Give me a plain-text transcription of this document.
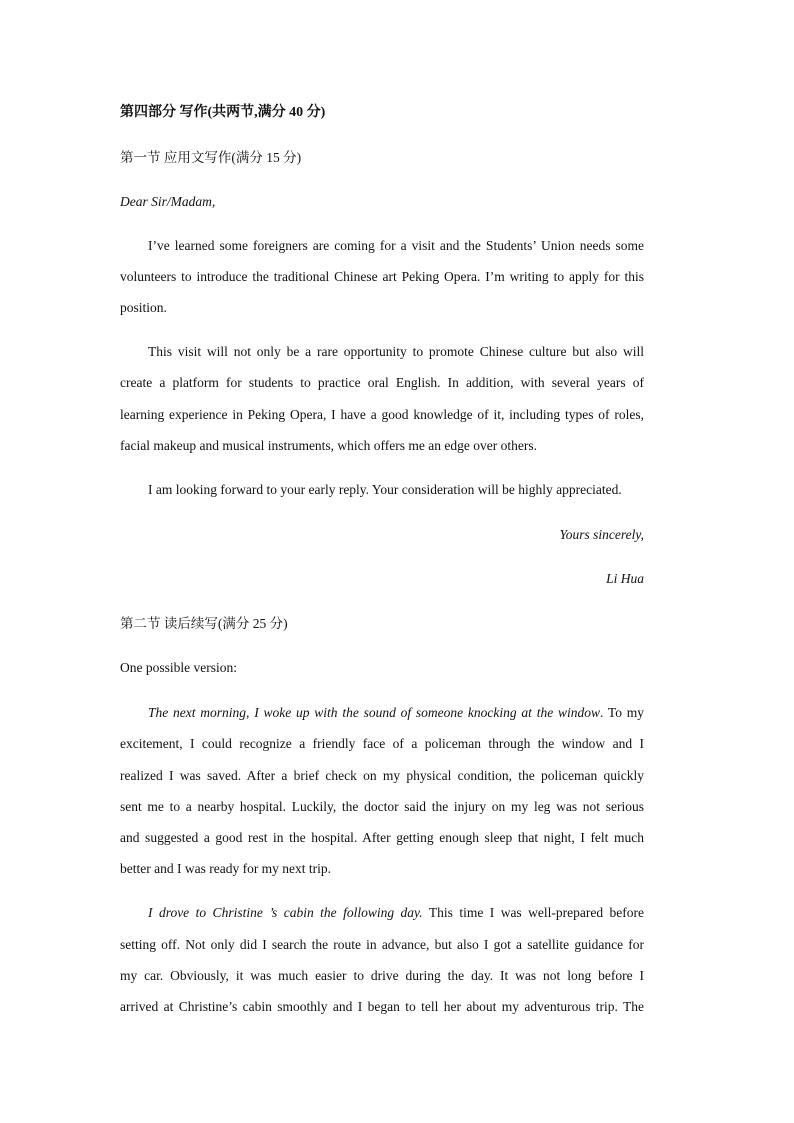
第四部分 写作(共两节,满分 40 分)
第一节 应用文写作(满分 15 分)
Dear Sir/Madam,
I’ve learned some foreigners are coming for a visit and the Students’ Union needs some
volunteers to introduce the traditional Chinese art Peking Opera. I’m writing to apply for this
position.
This visit will not only be a rare opportunity to promote Chinese culture but also will
create a platform for students to practice oral English. In addition, with several years of
learning experience in Peking Opera, I have a good knowledge of it, including types of roles,
facial makeup and musical instruments, which offers me an edge over others.
I am looking forward to your early reply. Your consideration will be highly appreciated.
Yours sincerely,
Li Hua
第二节 读后续写(满分 25 分)
One possible version:
The next morning, I woke up with the sound of someone knocking at the window. To my
excitement, I could recognize a friendly face of a policeman through the window and I
realized I was saved. After a brief check on my physical condition, the policeman quickly
sent me to a nearby hospital. Luckily, the doctor said the injury on my leg was not serious
and suggested a good rest in the hospital. After getting enough sleep that night, I felt much
better and I was ready for my next trip.
I drove to Christine ’s cabin the following day. This time I was well-prepared before
setting off. Not only did I search the route in advance, but also I got a satellite guidance for
my car. Obviously, it was much easier to drive during the day. It was not long before I
arrived at Christine’s cabin smoothly and I began to tell her about my adventurous trip. The
